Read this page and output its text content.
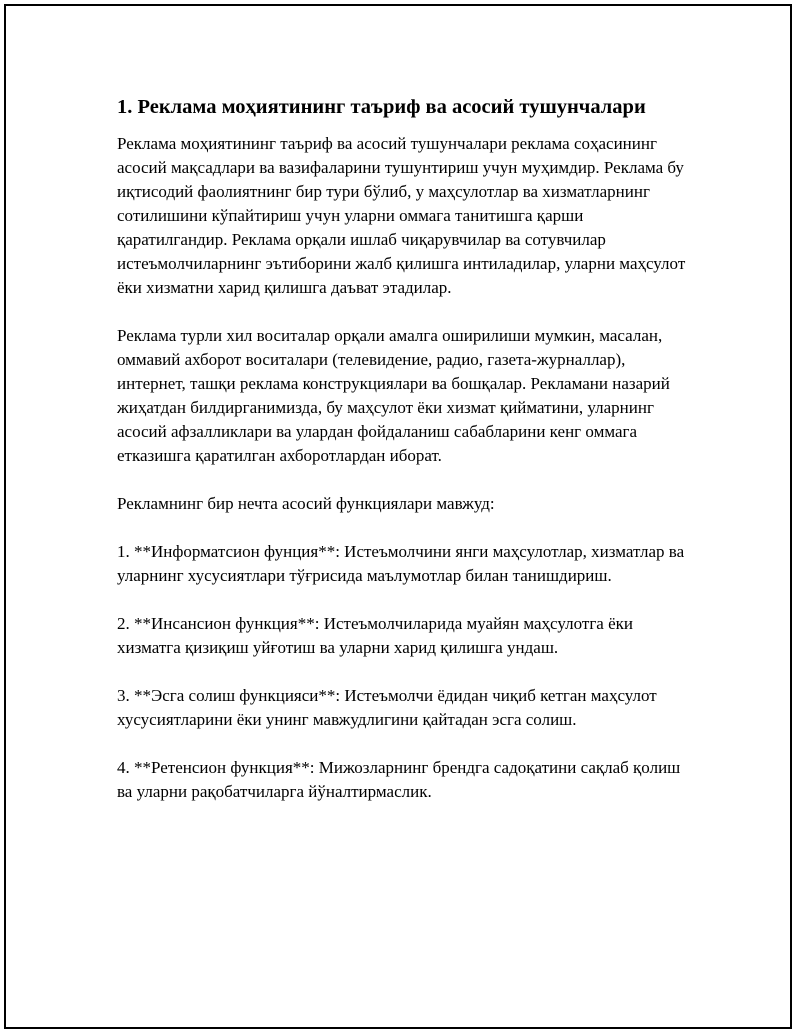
1. Реклама моҳиятининг таъриф ва асосий тушунчалари

Реклама моҳиятининг таъриф ва асосий тушунчалари реклама соҳасининг асосий мақсадлари ва вазифаларини тушунтириш учун муҳимдир. Реклама бу иқтисодий фаолиятнинг бир тури бўлиб, у маҳсулотлар ва хизматларнинг сотилишини кўпайтириш учун уларни оммага танитишга қарши қаратилгандир. Реклама орқали ишлаб чиқарувчилар ва сотувчилар истеъмолчиларнинг эътиборини жалб қилишга интиладилар, уларни маҳсулот ёки хизматни харид қилишга даъват этадилар.

Реклама турли хил воситалар орқали амалга оширилиши мумкин, масалан, оммавий ахборот воситалари (телевидение, радио, газета-журналлар), интернет, ташқи реклама конструкциялари ва бошқалар. Рекламани назарий жиҳатдан билдирганимизда, бу маҳсулот ёки хизмат қийматини, уларнинг асосий афзалликлари ва улардан фойдаланиш сабабларини кенг оммага етказишга қаратилган ахборотлардан иборат.

Рекламнинг бир нечта асосий функциялари мавжуд:

1. **Информатсион фунция**: Истеъмолчини янги маҳсулотлар, хизматлар ва уларнинг хусусиятлари тўғрисида маълумотлар билан танишдириш.

2. **Инсансион функция**: Истеъмолчиларида муайян маҳсулотга ёки хизматга қизиқиш уйғотиш ва уларни харид қилишга ундаш.

3. **Эсга солиш функцияси**: Истеъмолчи ёдидан чиқиб кетган маҳсулот хусусиятларини ёки унинг мавжудлигини қайтадан эсга солиш.

4. **Ретенсион функция**: Мижозларнинг брендга садоқатини сақлаб қолиш ва уларни рақобатчиларга йўналтирмаслик.
